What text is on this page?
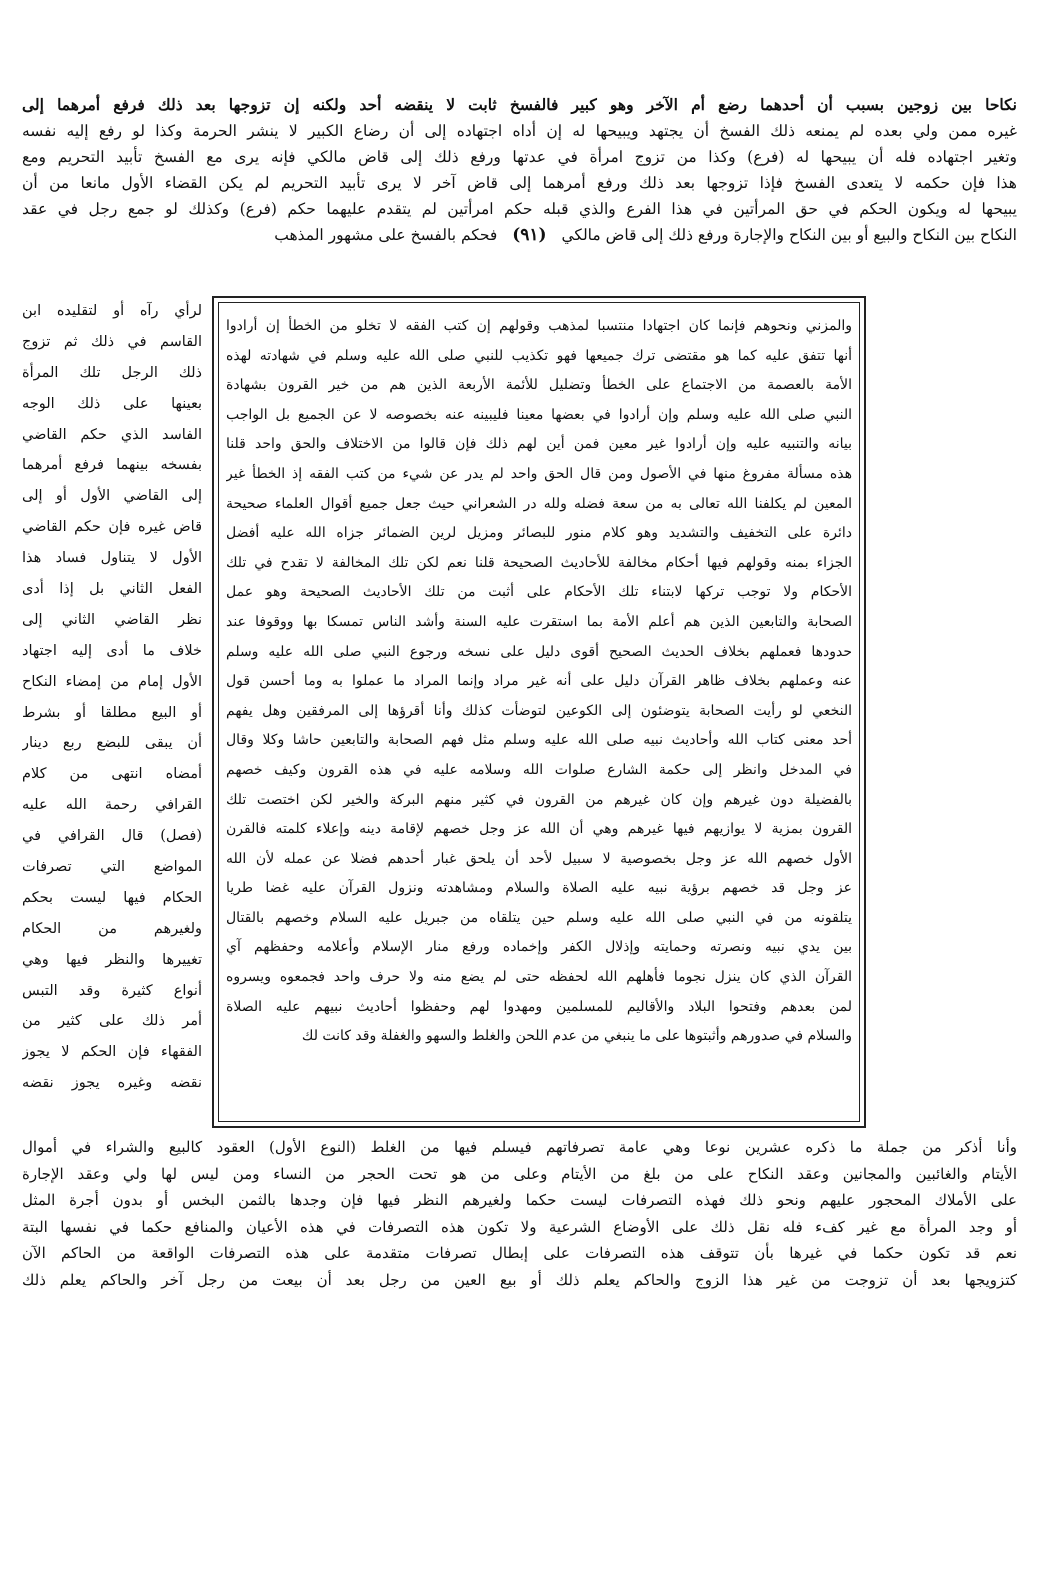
نكاحا بين زوجين بسبب أن أحدهما رضع أم الآخر وهو كبير فالفسخ ثابت لا ينقضه أحد ولكنه إن تزوجها بعد ذلك فرفع أمرهما إلى
غيره ممن ولي بعده لم يمنعه ذلك الفسخ أن يجتهد ويبيحها له إن أداه اجتهاده إلى أن رضاع الكبير لا ينشر الحرمة وكذا لو رفع إليه نفسه
وتغير اجتهاده فله أن يبيحها له (فرع) وكذا من تزوج امرأة في عدتها ورفع ذلك إلى قاض مالكي فإنه يرى مع الفسخ تأبيد التحريم ومع
هذا فإن حكمه لا يتعدى الفسخ فإذا تزوجها بعد ذلك ورفع أمرهما إلى قاض آخر لا يرى تأبيد التحريم لم يكن القضاء الأول مانعا من أن
يبيحها له ويكون الحكم في حق المرأتين في هذا الفرع والذي قبله حكم امرأتين لم يتقدم عليهما حكم (فرع) وكذلك لو جمع رجل في عقد
النكاح بين النكاح والبيع أو بين النكاح والإجارة ورفع ذلك إلى قاض مالكي (٩١) فحكم بالفسخ على مشهور المذهب
والمزني ونحوهم فإنما كان اجتهادا منتسبا لمذهب وقولهم إن كتب الفقه لا تخلو من الخطأ إن أرادوا
أنها تتفق عليه كما هو مقتضى ترك جميعها فهو تكذيب للنبي صلى الله عليه وسلم في شهادته لهذه
الأمة بالعصمة من الاجتماع على الخطأ وتضليل للأئمة الأربعة الذين هم من خير القرون بشهادة
النبي صلى الله عليه وسلم وإن أرادوا في بعضها معينا فليبينه عنه بخصوصه لا عن الجميع بل الواجب
بيانه والتنبيه عليه وإن أرادوا غير معين فمن أين لهم ذلك فإن قالوا من الاختلاف والحق واحد قلنا
هذه مسألة مفروغ منها في الأصول ومن قال الحق واحد لم يدر عن شيء من كتب الفقه إذ الخطأ غير
المعين لم يكلفنا الله تعالى به من سعة فضله ولله در الشعراني حيث جعل جميع أقوال العلماء صحيحة
دائرة على التخفيف والتشديد وهو كلام منور للبصائر ومزيل لرين الضمائر جزاه الله عليه أفضل
الجزاء بمنه وقولهم فيها أحكام مخالفة للأحاديث الصحيحة قلنا نعم لكن تلك المخالفة لا تقدح في تلك
الأحكام ولا توجب تركها لابتناء تلك الأحكام على أثبت من تلك الأحاديث الصحيحة وهو عمل
الصحابة والتابعين الذين هم أعلم الأمة بما استقرت عليه السنة وأشد الناس تمسكا بها ووقوفا عند
حدودها فعملهم بخلاف الحديث الصحيح أقوى دليل على نسخه ورجوع النبي صلى الله عليه وسلم
عنه وعملهم بخلاف ظاهر القرآن دليل على أنه غير مراد وإنما المراد ما عملوا به وما أحسن قول
النخعي لو رأيت الصحابة يتوضئون إلى الكوعين لتوضأت كذلك وأنا أقرؤها إلى المرفقين وهل يفهم
أحد معنى كتاب الله وأحاديث نبيه صلى الله عليه وسلم مثل فهم الصحابة والتابعين حاشا وكلا وقال
في المدخل وانظر إلى حكمة الشارع صلوات الله وسلامه عليه في هذه القرون وكيف خصهم
بالفضيلة دون غيرهم وإن كان غيرهم من القرون في كثير منهم البركة والخير لكن اختصت تلك
القرون بمزية لا يوازيهم فيها غيرهم وهي أن الله عز وجل خصهم لإقامة دينه وإعلاء كلمته فالقرن
الأول خصهم الله عز وجل بخصوصية لا سبيل لأحد أن يلحق غبار أحدهم فضلا عن عمله لأن الله
عز وجل قد خصهم برؤية نبيه عليه الصلاة والسلام ومشاهدته ونزول القرآن عليه غضا طريا
يتلقونه من في النبي صلى الله عليه وسلم حين يتلقاه من جبريل عليه السلام وخصهم بالقتال
بين يدي نبيه ونصرته وحمايته وإذلال الكفر وإخماده ورفع منار الإسلام وأعلامه وحفظهم آي
القرآن الذي كان ينزل نجوما فأهلهم الله لحفظه حتى لم يضع منه ولا حرف واحد فجمعوه ويسروه
لمن بعدهم وفتحوا البلاد والأقاليم للمسلمين ومهدوا لهم وحفظوا أحاديث نبيهم عليه الصلاة
والسلام في صدورهم وأثبتوها على ما ينبغي من عدم اللحن والغلط والسهو والغفلة وقد كانت لك
لرأي رآه أو لتقليده ابن
القاسم في ذلك ثم تزوج
ذلك الرجل تلك المرأة
بعينها على ذلك الوجه
الفاسد الذي حكم القاضي
بفسخه بينهما فرفع أمرهما
إلى القاضي الأول أو إلى
قاض غيره فإن حكم القاضي
الأول لا يتناول فساد هذا
الفعل الثاني بل إذا أدى
نظر القاضي الثاني إلى
خلاف ما أدى إليه اجتهاد
الأول إمام من إمضاء النكاح
أو البيع مطلقا أو بشرط
أن يبقى للبضع ربع دينار
أمضاه انتهى من كلام
القرافي رحمة الله عليه
(فصل) قال القرافي في
المواضع التي تصرفات
الحكام فيها ليست بحكم
ولغيرهم من الحكام
تغييرها والنظر فيها وهي
أنواع كثيرة وقد التبس
أمر ذلك على كثير من
الفقهاء فإن الحكم لا يجوز
نقضه وغيره يجوز نقضه
وأنا أذكر من جملة ما ذكره عشرين نوعا وهي عامة تصرفاتهم فيسلم فيها من الغلط (النوع الأول) العقود كالبيع والشراء في أموال
الأيتام والغائبين والمجانين وعقد النكاح على من بلغ من الأيتام وعلى من هو تحت الحجر من النساء ومن ليس لها ولي وعقد الإجارة
على الأملاك المحجور عليهم ونحو ذلك فهذه التصرفات ليست حكما ولغيرهم النظر فيها فإن وجدها بالثمن البخس أو بدون أجرة المثل
أو وجد المرأة مع غير كفء فله نقل ذلك على الأوضاع الشرعية ولا تكون هذه التصرفات في هذه الأعيان والمنافع حكما في نفسها البتة
نعم قد تكون حكما في غيرها بأن تتوقف هذه التصرفات على إبطال تصرفات متقدمة على هذه التصرفات الواقعة من الحاكم الآن
كتزويجها بعد أن تزوجت من غير هذا الزوج والحاكم يعلم ذلك أو بيع العين من رجل بعد أن بيعت من رجل آخر والحاكم يعلم ذلك
